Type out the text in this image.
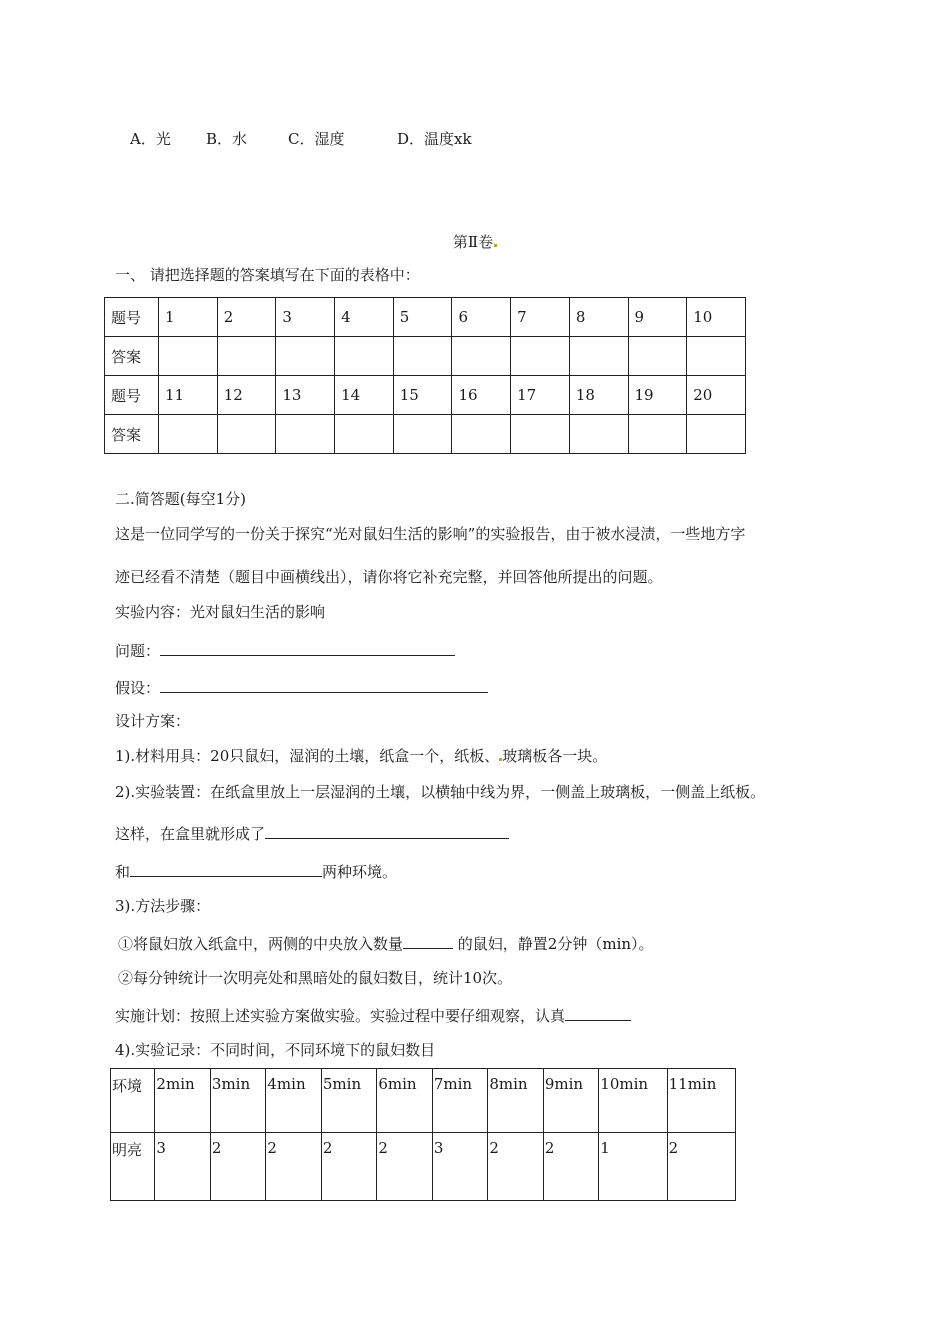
A．光 B．水	C．湿度	D．温度xk
第Ⅱ卷
一、 请把选择题的答案填写在下面的表格中：
题号	1	2	3	4	5	6	7	8	9	10
答案										
题号	11	12	13	14	15	16	17	18	19	20
答案										
二.简答题(每空1分)
这是一位同学写的一份关于探究“光对鼠妇生活的影响”的实验报告，由于被水浸渍，一些地方字
迹已经看不清楚（题目中画横线出），请你将它补充完整，并回答他所提出的问题。
实验内容：光对鼠妇生活的影响
问题：
假设：
设计方案：
1).材料用具：20只鼠妇，湿润的土壤，纸盒一个，纸板、 玻璃板各一块。
2).实验装置：在纸盒里放上一层湿润的土壤，以横轴中线为界，一侧盖上玻璃板，一侧盖上纸板。
这样，在盒里就形成了
和	两种环境。
3).方法步骤：
①将鼠妇放入纸盒中，两侧的中央放入数量	的鼠妇，静置2分钟（min）。
②每分钟统计一次明亮处和黑暗处的鼠妇数目，统计10次。
实施计划：按照上述实验方案做实验。实验过程中要仔细观察，认真
4).实验记录：不同时间，不同环境下的鼠妇数目
环境	2min	3min	4min	5min	6min	7min	8min	9min	10min	11min
明亮	3	2	2	2	2	3	2	2	1	2
